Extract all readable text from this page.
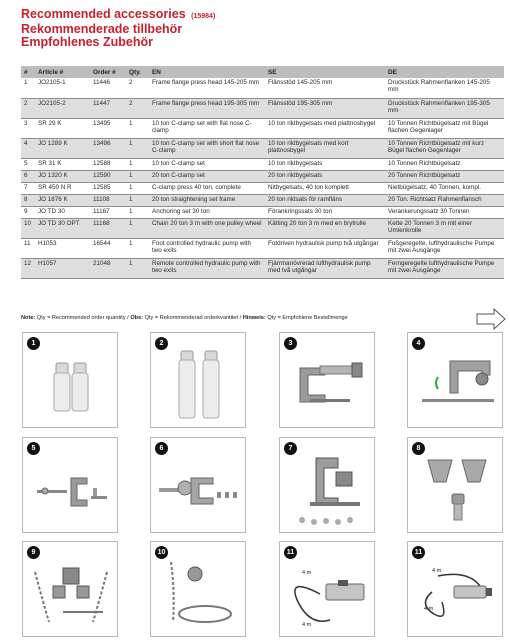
Recommended accessories (15984)
Rekommenderade tillbehör
Empfohlenes Zubehör
#	Article #	Order #	Qty.	EN	SE	DE
1	JO2105-1	11446	2	Frame flange press head 145-205 mm	Flänsstöd 145-205 mm	Druckstück Rahmenflanken 145-205 mm
2	JO2105-2	11447	2	Frame flange press head 195-305 mm	Flänsstöd 195-305 mm	Druckstück Rahmenflanken 195-305 mm
3	SR 29 K	13495	1	10 ton C-clamp set with flat nose C-clamp	10 ton riktbygelsats med plattnosbygel	10 Tonnen Richtbügelsatz mit Bügel flachen Gegenlager
4	JO 1289 K	13496	1	10 ton C-clamp set with short flat nose C-clamp	10 ton riktbygelsats med kort plattnosbygel	10 Tonnen Richtbügelsatz mit kurz Bügel flachen Gegenlager
5	SR 31 K	12588	1	10 ton C-clamp set	10 ton riktbygelsats	10 Tonnen Richtbügelsatz
6	JO 1320 K	12590	1	20 ton C-clamp set	20 ton riktbygelsats	20 Tonnen Richtbügelsatz
7	SR 450 N R	12585	1	C-clamp press 40 ton, complete	Nitbygelsats, 40 ton komplett	Nietbügelsatz, 40 Tonnen, kompl.
8	JO 1876 K	11108	1	20 ton straightening set frame	20 ton riktsats för ramfläns	20 Ton. Richtsatz Rahmenflansch
9	JO TD 30	11167	1	Anchoring set 30 ton	Förankringssats 30 ton	Verankerungssatz 30 Tonnen
10	JO TD 30 OPT	11168	1	Chain 20 ton 3 m with one pulley wheel	Kätting 20 ton 3 m med en brytrulle	Kette 20 Tonnen 3 m mit einer Umlenkrolle
11	H1053	16544	1	Foot controlled hydraulic pump with two exits	Fotdriven hydraulisk pump två utgångar	Fußgeregelte, lufthydraulische Pumpe mit zwei Ausgänge
12	H1057	21048	1	Remote controlled hydraulic pump with two exits	Fjärrmanövrerad lufthydraulisk pump med två utgångar	Ferngeregelte lufthydraulische Pumpe mit zwei Ausgänge
Note: Qty = Recommended order quantity / Obs: Qty = Rekommenderad orderkvantitet / Hinweis: Qty = Empfohlene Bestellmenge
1	2	3	4
5	6	7	8
9	10	11
4 m
4 m
11
4 m
4 m
